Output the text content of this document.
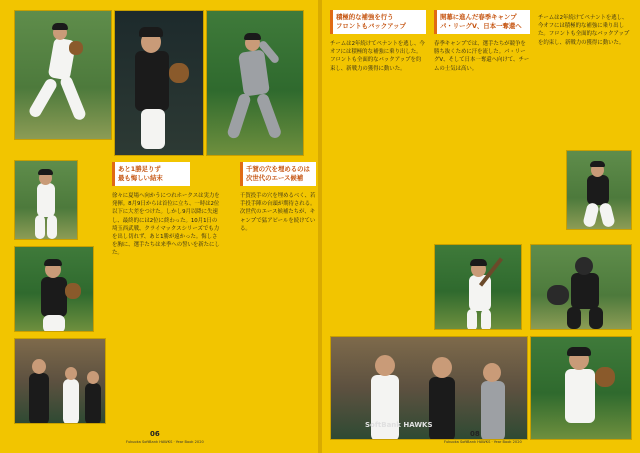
あと1勝足りず
最も悔しい結末
徐々に夏場へ向かうにつれホークスは実力を発揮。8月9日からは首位に立ち、一時は2位以下に大差をつけた。しかし9月以降に失速し、最終的には2位に終わった。10月1日の埼玉西武戦、クライマックスシリーズでも力を出し切れず、あと1勝が遠かった。悔しさを胸に、選手たちは来季への誓いを新たにした。
06
Fukuoka SoftBank HAWKS · Year Book 2020
千賀の穴を埋めるのは
次世代のエース候補
千賀投手の穴を埋めるべく、若手投手陣の台頭が期待される。次世代のエース候補たちが、キャンプで猛アピールを続けている。
積極的な補強を行う
フロントもバックアップ
チームは2年続けてペナントを逃し、今オフには積極的な補強に乗り出した。フロントも全面的なバックアップを約束し、新戦力の獲得に動いた。
開幕に進んだ春季キャンプ
パ・リーグV、日本一奪還へ
春季キャンプでは、選手たちが競争を勝ち抜くために汗を流した。パ・リーグV、そして日本一奪還へ向けて、チームの士気は高い。
チームは2年続けてペナントを逃し、今オフには積極的な補強に乗り出した。フロントも全面的なバックアップを約束し、新戦力の獲得に動いた。
SoftBank HAWKS
08
Fukuoka SoftBank HAWKS · Year Book 2020
